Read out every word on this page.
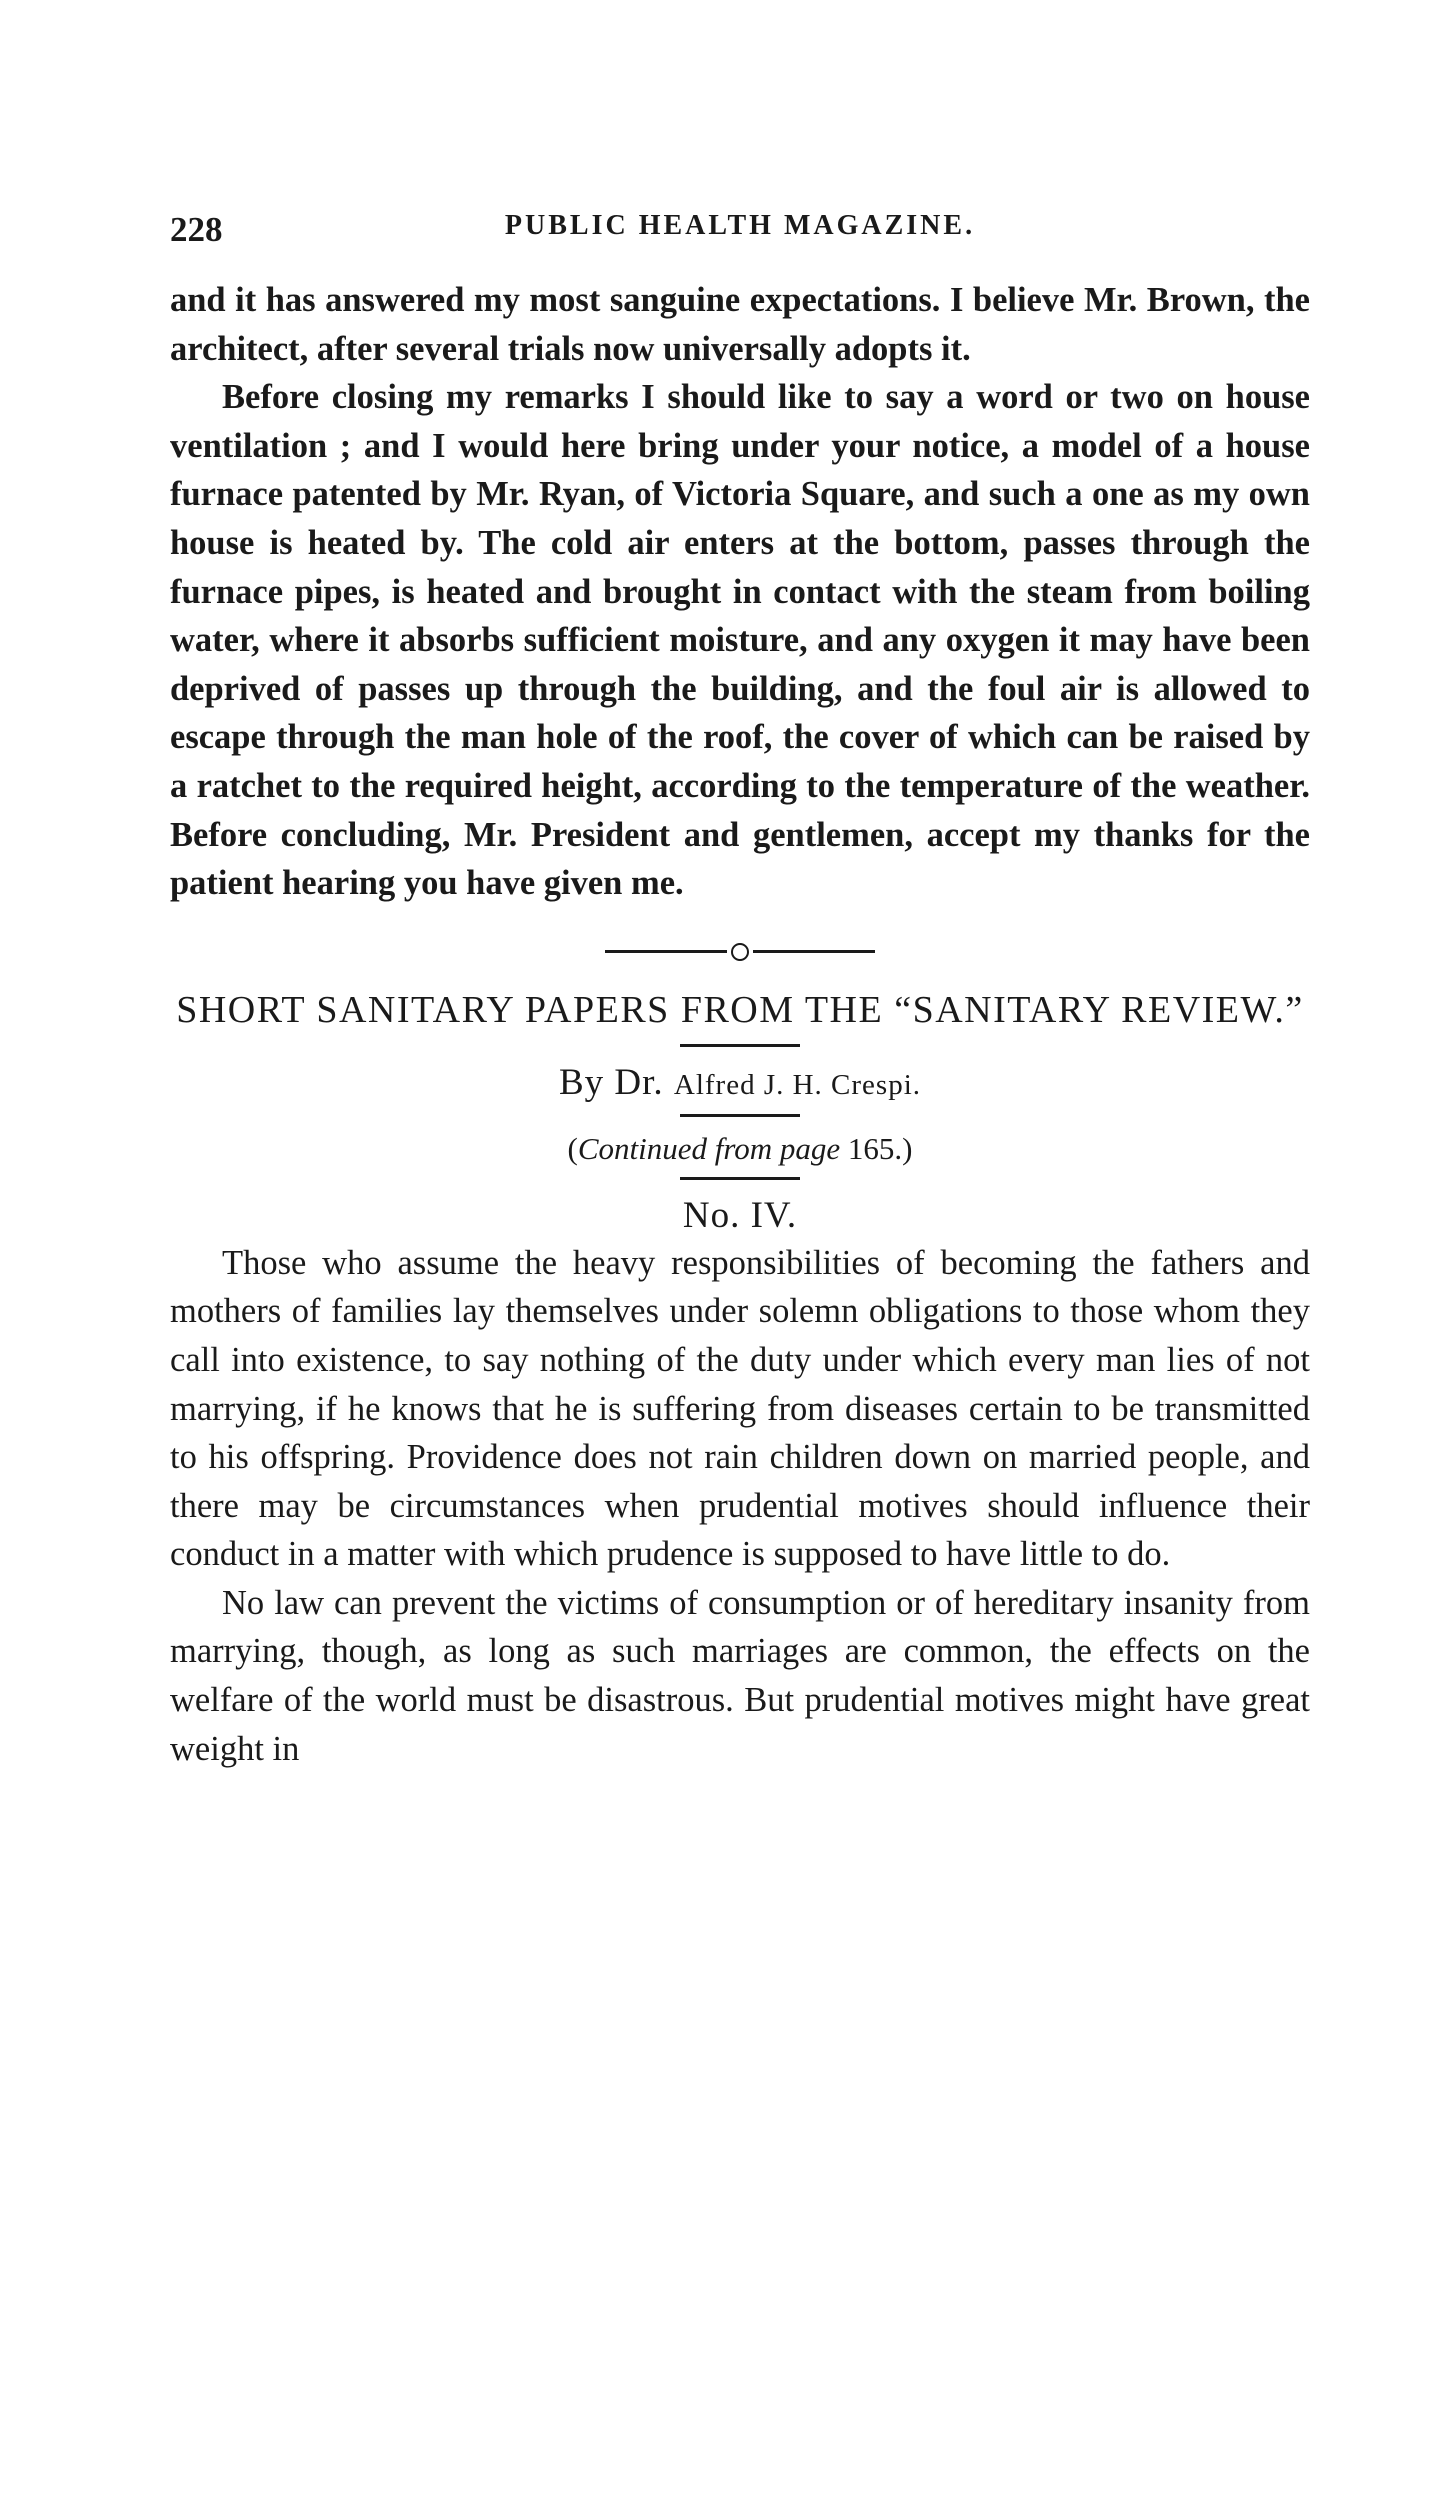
228	PUBLIC HEALTH MAGAZINE.

and it has answered my most sanguine expectations. I believe Mr. Brown, the architect, after several trials now universally adopts it.

Before closing my remarks I should like to say a word or two on house ventilation ; and I would here bring under your notice, a model of a house furnace patented by Mr. Ryan, of Victoria Square, and such a one as my own house is heated by. The cold air enters at the bottom, passes through the furnace pipes, is heated and brought in contact with the steam from boiling water, where it absorbs sufficient moisture, and any oxygen it may have been deprived of passes up through the building, and the foul air is allowed to escape through the man hole of the roof, the cover of which can be raised by a ratchet to the required height, according to the temperature of the weather. Before concluding, Mr. President and gentlemen, accept my thanks for the patient hearing you have given me.

SHORT SANITARY PAPERS FROM THE “SANITARY REVIEW.”
By Dr. Alfred J. H. Crespi.
(Continued from page 165.)
No. IV.

Those who assume the heavy responsibilities of becoming the fathers and mothers of families lay themselves under solemn obligations to those whom they call into existence, to say nothing of the duty under which every man lies of not marrying, if he knows that he is suffering from diseases certain to be transmitted to his offspring. Providence does not rain children down on married people, and there may be circumstances when prudential motives should influence their conduct in a matter with which prudence is supposed to have little to do.

No law can prevent the victims of consumption or of hereditary insanity from marrying, though, as long as such marriages are common, the effects on the welfare of the world must be disastrous. But prudential motives might have great weight in
